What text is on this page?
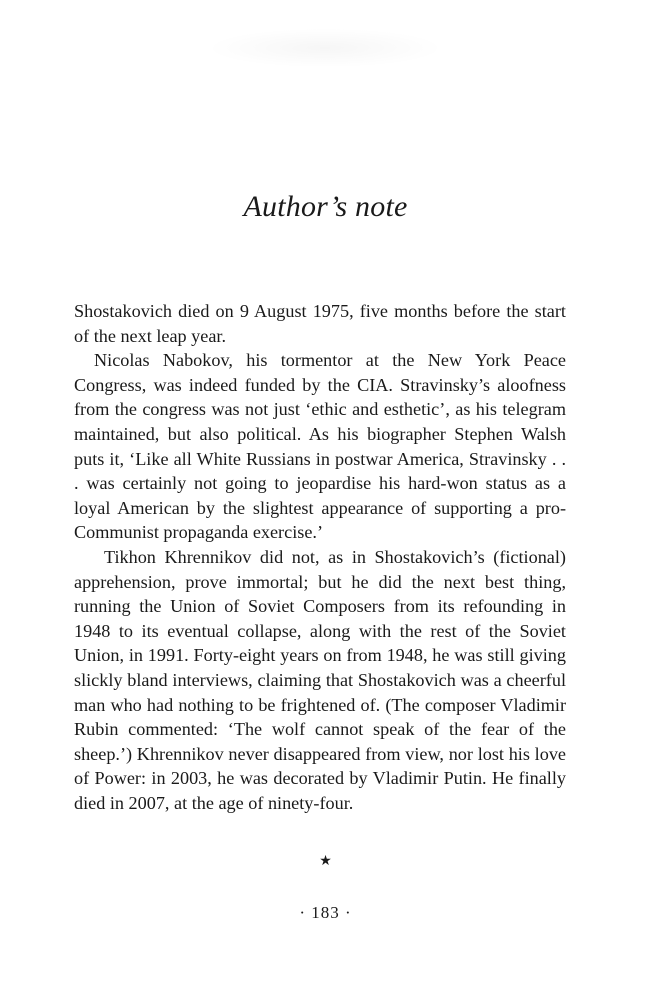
Author’s note

Shostakovich died on 9 August 1975, five months before the start of the next leap year.

Nicolas Nabokov, his tormentor at the New York Peace Congress, was indeed funded by the CIA. Stravinsky’s aloofness from the congress was not just ‘ethic and esthetic’, as his telegram maintained, but also political. As his biographer Stephen Walsh puts it, ‘Like all White Russians in postwar America, Stravinsky . . . was certainly not going to jeopardise his hard-won status as a loyal American by the slightest appearance of supporting a pro-Communist propaganda exercise.’

Tikhon Khrennikov did not, as in Shostakovich’s (fictional) apprehension, prove immortal; but he did the next best thing, running the Union of Soviet Composers from its refounding in 1948 to its eventual collapse, along with the rest of the Soviet Union, in 1991. Forty-eight years on from 1948, he was still giving slickly bland interviews, claiming that Shostakovich was a cheerful man who had nothing to be frightened of. (The composer Vladimir Rubin commented: ‘The wolf cannot speak of the fear of the sheep.’) Khrennikov never disappeared from view, nor lost his love of Power: in 2003, he was decorated by Vladimir Putin. He finally died in 2007, at the age of ninety-four.

★
· 183 ·
